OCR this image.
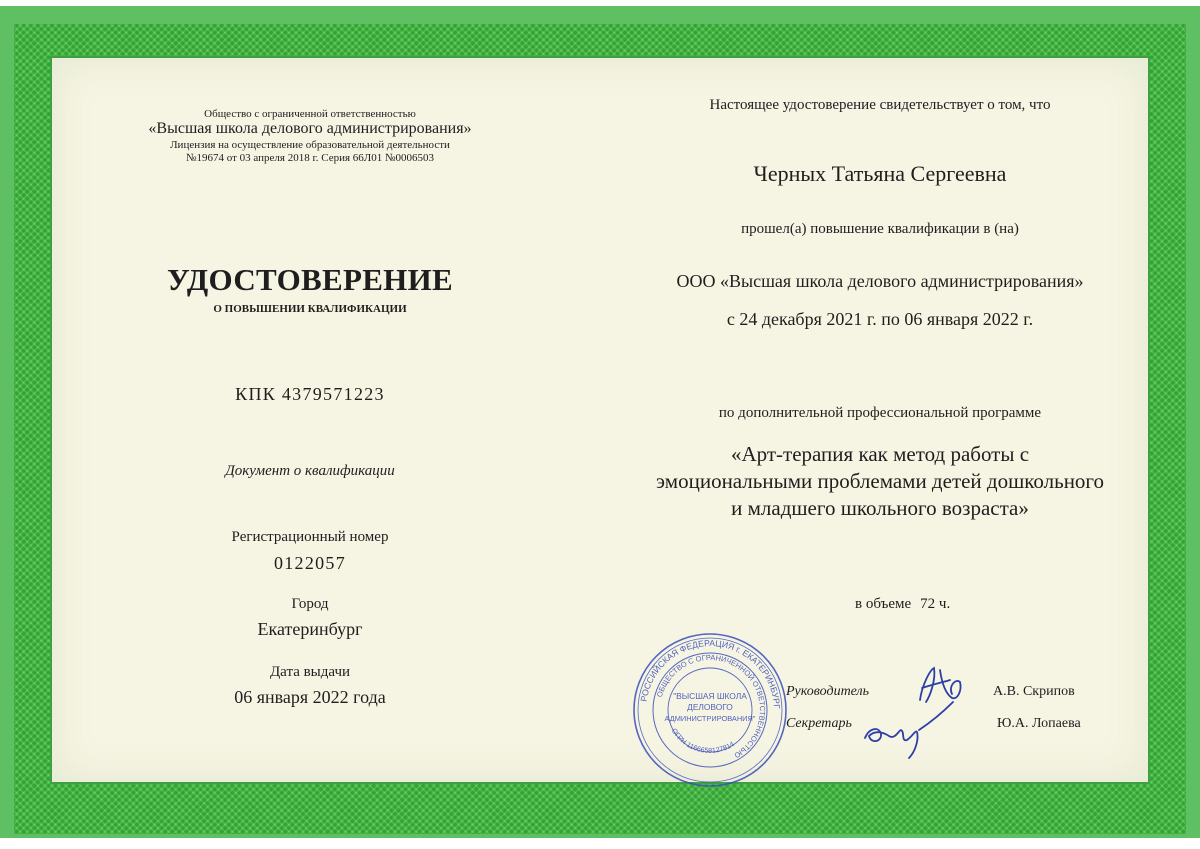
Общество с ограниченной ответственностью
«Высшая школа делового администрирования»
Лицензия на осуществление образовательной деятельности
№19674 от 03 апреля 2018 г. Серия 66Л01 №0006503
УДОСТОВЕРЕНИЕ
О ПОВЫШЕНИИ КВАЛИФИКАЦИИ
КПК 4379571223
Документ о квалификации
Регистрационный номер
0122057
Город
Екатеринбург
Дата выдачи
06 января 2022 года
Настоящее удостоверение свидетельствует о том, что
Черных Татьяна Сергеевна
прошел(а) повышение квалификации в (на)
ООО «Высшая школа делового администрирования»
с 24 декабря 2021 г. по 06 января 2022 г.
по дополнительной профессиональной программе
«Арт-терапия как метод работы с
эмоциональными проблемами детей дошкольного
и младшего школьного возраста»
в объеме 72 ч.
РОССИЙСКАЯ ФЕДЕРАЦИЯ г. ЕКАТЕРИНБУРГ
ОБЩЕСТВО С ОГРАНИЧЕННОЙ ОТВЕТСТВЕННОСТЬЮ
ОГРН 1166658127814
"ВЫСШАЯ ШКОЛА
ДЕЛОВОГО
АДМИНИСТРИРОВАНИЯ"
Руководитель	А.В. Скрипов
Секретарь	Ю.А. Лопаева
